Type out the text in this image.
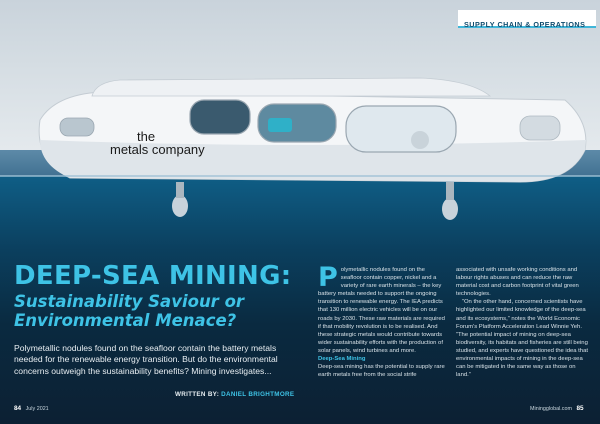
the
metals company
SUPPLY CHAIN & OPERATIONS
DEEP-SEA MINING:
Sustainability Saviour or
Environmental Menace?
Polymetallic nodules found on the seafloor contain the battery metals needed for the renewable energy transition. But do the environmental concerns outweigh the sustainability benefits? Mining investigates...
WRITTEN BY: DANIEL BRIGHTMORE
P olymetallic nodules found on the seafloor contain copper, nickel and a variety of rare earth minerals – the key battery metals needed to support the ongoing transition to renewable energy. The IEA predicts that 130 million electric vehicles will be on our roads by 2030. These raw materials are required if that mobility revolution is to be realised. And these strategic metals would contribute towards wider sustainability efforts with the production of solar panels, wind turbines and more.

Deep-Sea Mining

Deep-sea mining has the potential to supply rare earth metals free from the social strife

associated with unsafe working conditions and labour rights abuses and can reduce the raw material cost and carbon footprint of vital green technologies.

“On the other hand, concerned scientists have highlighted our limited knowledge of the deep-sea and its ecosystems,” notes the World Economic Forum’s Platform Acceleration Lead Winnie Yeh. “The potential impact of mining on deep-sea biodiversity, its habitats and fisheries are still being studied, and experts have questioned the idea that environmental impacts of mining in the deep-sea can be mitigated in the same way as those on land.”

84 July 2021	Miningglobal.com 85
